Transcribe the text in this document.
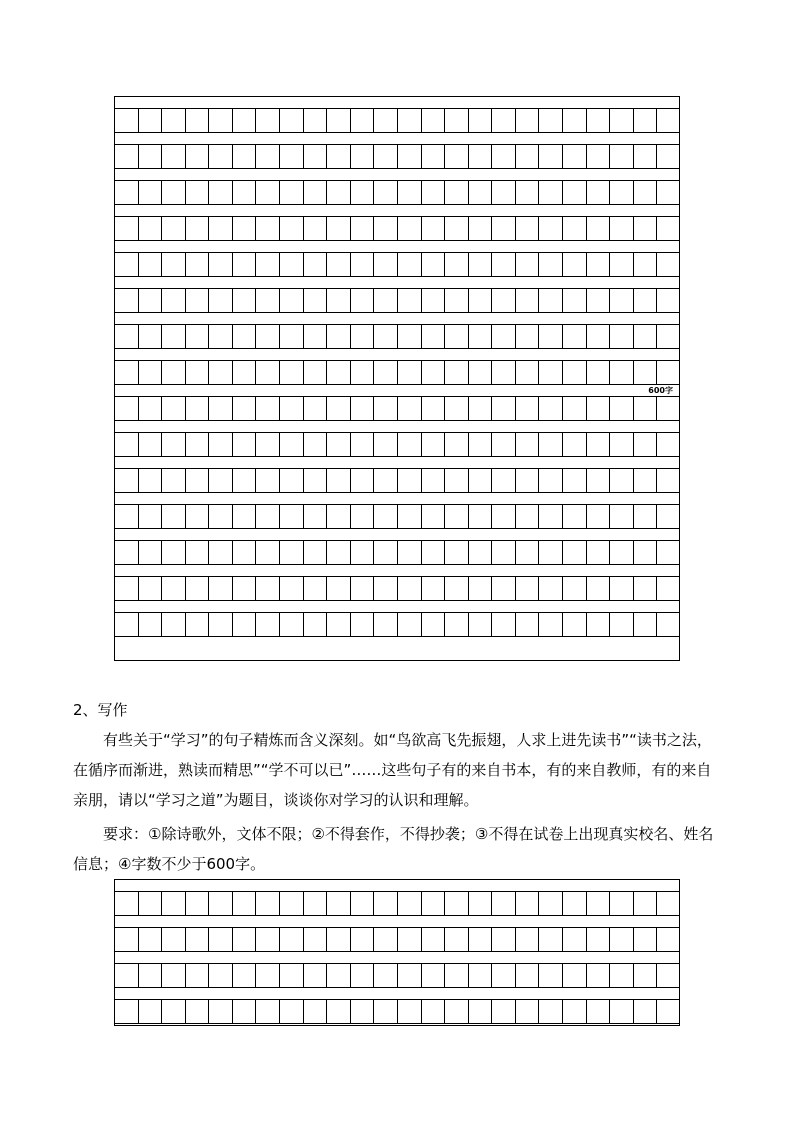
600字
2、写作
有些关于“学习”的句子精炼而含义深刻。如“鸟欲高飞先振翅，人求上进先读书”“读书之法，在循序而渐进，熟读而精思”“学不可以已”……这些句子有的来自书本，有的来自教师，有的来自亲朋，请以“学习之道”为题目，谈谈你对学习的认识和理解。
要求：①除诗歌外，文体不限；②不得套作，不得抄袭；③不得在试卷上出现真实校名、姓名信息；④字数不少于600字。
